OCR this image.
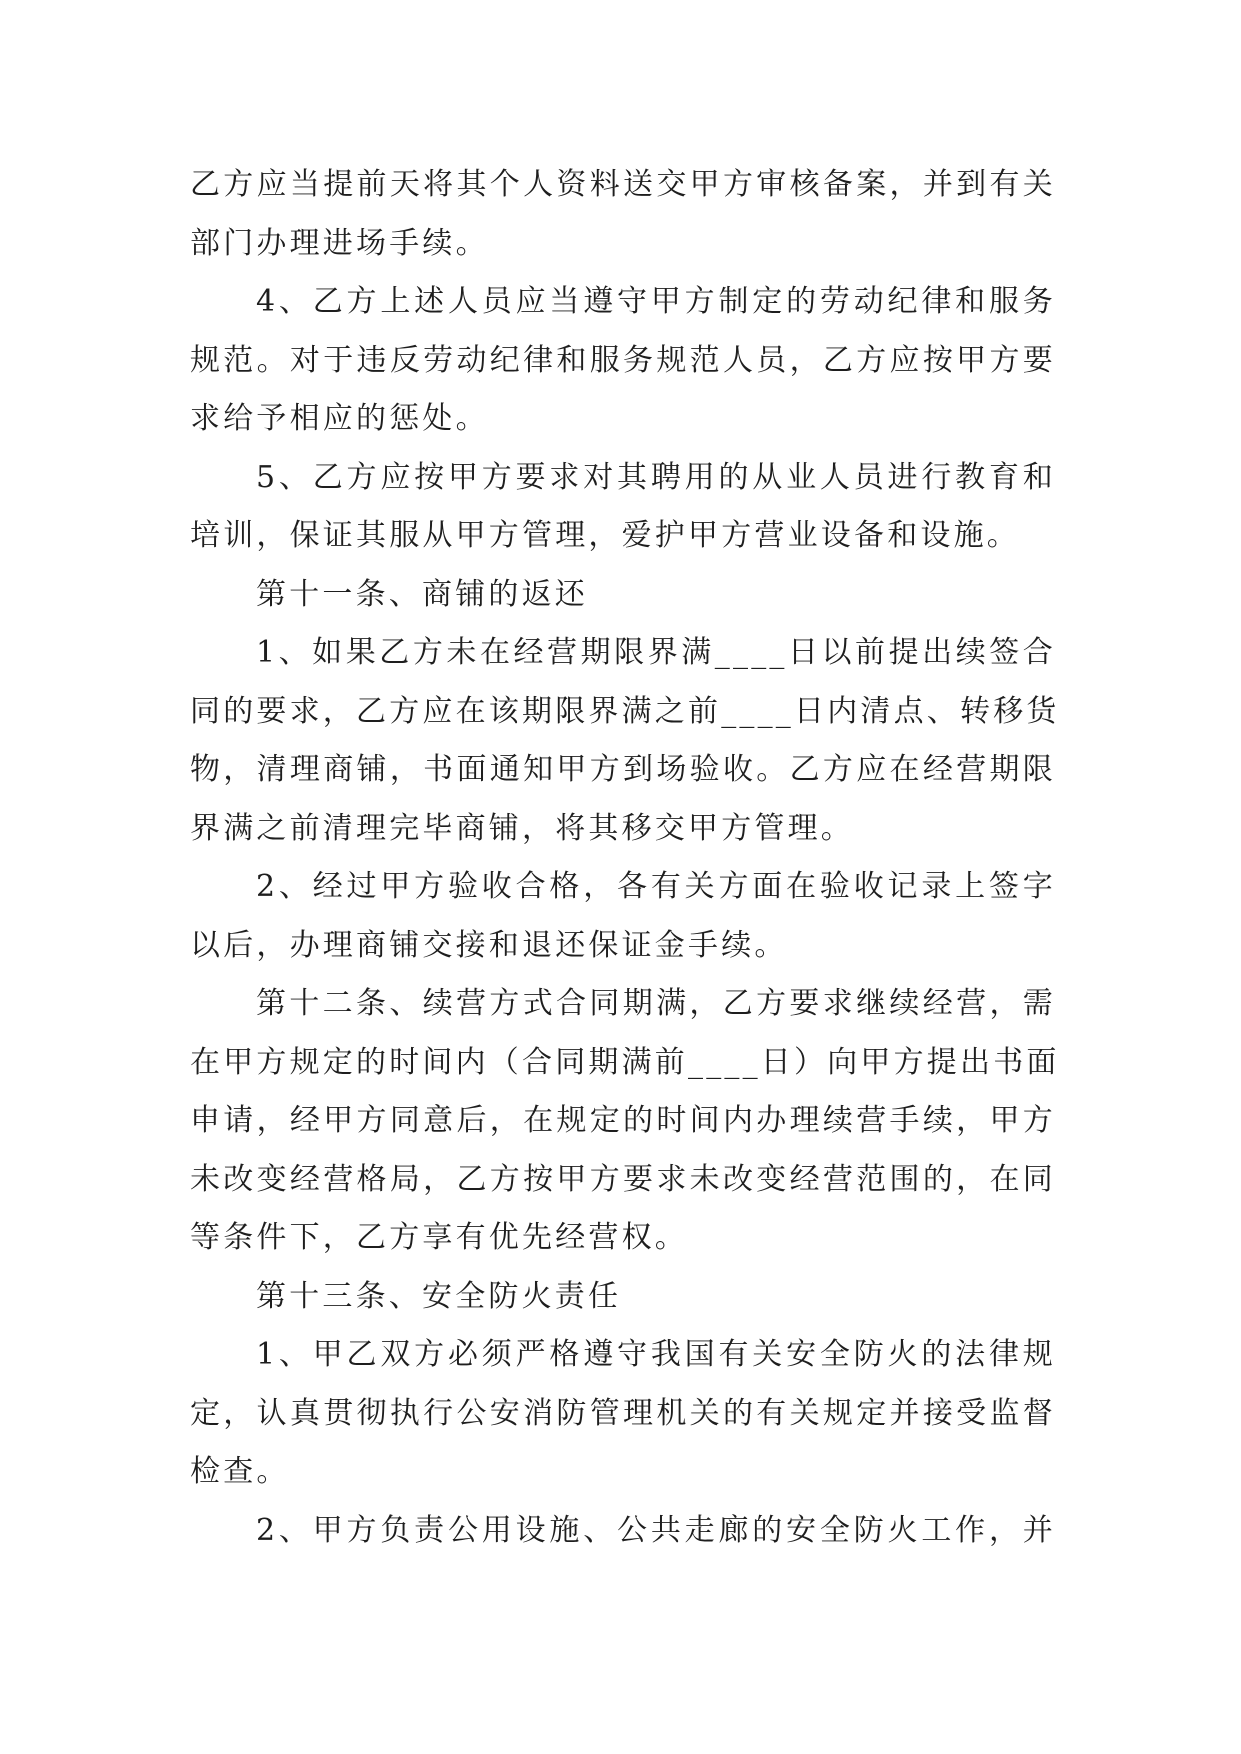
乙方应当提前天将其个人资料送交甲方审核备案，并到有关
部门办理进场手续。
4、乙方上述人员应当遵守甲方制定的劳动纪律和服务
规范。对于违反劳动纪律和服务规范人员，乙方应按甲方要
求给予相应的惩处。
5、乙方应按甲方要求对其聘用的从业人员进行教育和
培训，保证其服从甲方管理，爱护甲方营业设备和设施。
第十一条、商铺的返还
1、如果乙方未在经营期限界满____日以前提出续签合
同的要求，乙方应在该期限界满之前____日内清点、转移货
物，清理商铺，书面通知甲方到场验收。乙方应在经营期限
界满之前清理完毕商铺，将其移交甲方管理。
2、经过甲方验收合格，各有关方面在验收记录上签字
以后，办理商铺交接和退还保证金手续。
第十二条、续营方式合同期满，乙方要求继续经营，需
在甲方规定的时间内（合同期满前____日）向甲方提出书面
申请，经甲方同意后，在规定的时间内办理续营手续，甲方
未改变经营格局，乙方按甲方要求未改变经营范围的，在同
等条件下，乙方享有优先经营权。
第十三条、安全防火责任
1、甲乙双方必须严格遵守我国有关安全防火的法律规
定，认真贯彻执行公安消防管理机关的有关规定并接受监督
检查。
2、甲方负责公用设施、公共走廊的安全防火工作，并
